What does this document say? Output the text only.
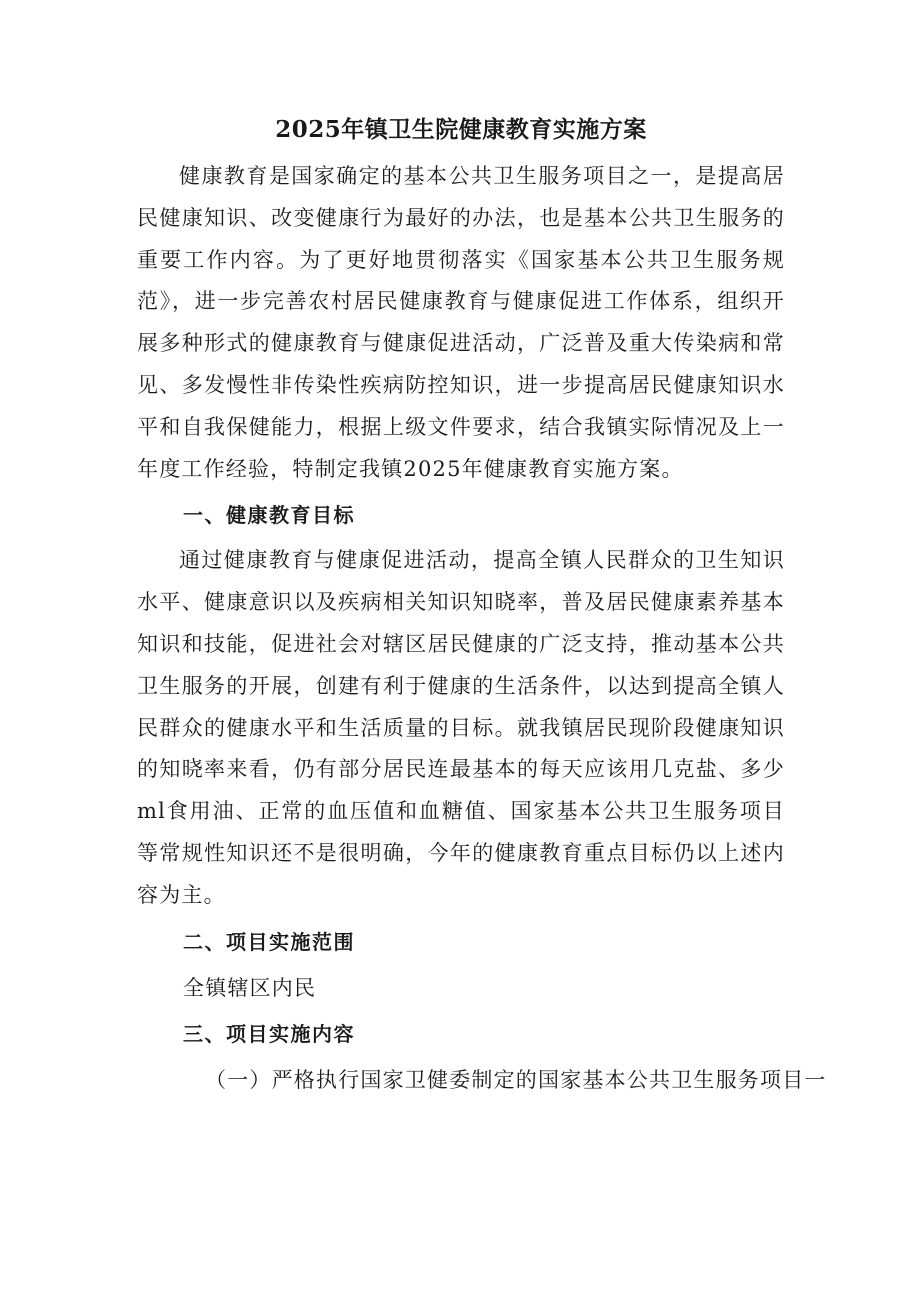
2025年镇卫生院健康教育实施方案

健康教育是国家确定的基本公共卫生服务项目之一，是提高居民健康知识、改变健康行为最好的办法，也是基本公共卫生服务的重要工作内容。为了更好地贯彻落实《国家基本公共卫生服务规范》，进一步完善农村居民健康教育与健康促进工作体系，组织开展多种形式的健康教育与健康促进活动，广泛普及重大传染病和常见、多发慢性非传染性疾病防控知识，进一步提高居民健康知识水平和自我保健能力，根据上级文件要求，结合我镇实际情况及上一年度工作经验，特制定我镇2025年健康教育实施方案。

一、健康教育目标

通过健康教育与健康促进活动，提高全镇人民群众的卫生知识水平、健康意识以及疾病相关知识知晓率，普及居民健康素养基本知识和技能，促进社会对辖区居民健康的广泛支持，推动基本公共卫生服务的开展，创建有利于健康的生活条件，以达到提高全镇人民群众的健康水平和生活质量的目标。就我镇居民现阶段健康知识的知晓率来看，仍有部分居民连最基本的每天应该用几克盐、多少ml食用油、正常的血压值和血糖值、国家基本公共卫生服务项目等常规性知识还不是很明确，今年的健康教育重点目标仍以上述内容为主。

二、项目实施范围
全镇辖区内民
三、项目实施内容
（一）严格执行国家卫健委制定的国家基本公共卫生服务项目一
